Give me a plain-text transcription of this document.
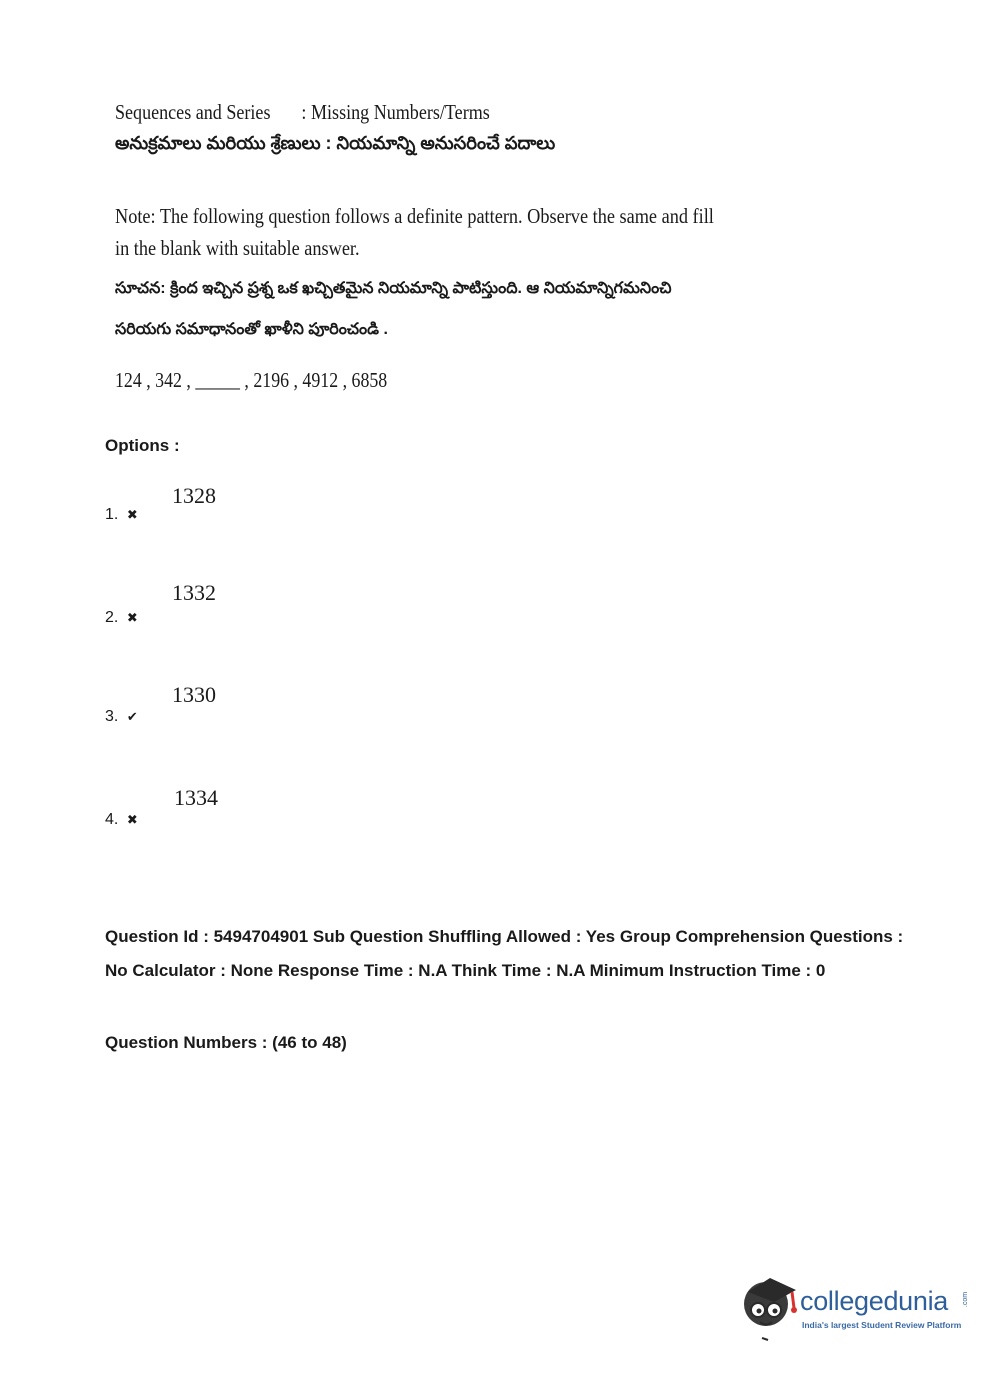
Sequences and Series : Missing Numbers/Terms
అనుక్రమాలు మరియు శ్రేణులు : నియమాన్ని అనుసరించే పదాలు
Note: The following question follows a definite pattern. Observe the same and fill in the blank with suitable answer.
సూచన: క్రింద ఇచ్చిన ప్రశ్న ఒక ఖచ్చితమైన నియమాన్ని పాటిస్తుంది. ఆ నియమాన్నిగమనించి
సరియగు సమాధానంతో ఖాళీని పూరించండి .
124 , 342 , _____ , 2196 , 4912 , 6858
Options :
1328
1. ✖
1332
2. ✖
1330
3. ✔
1334
4. ✖
Question Id : 5494704901 Sub Question Shuffling Allowed : Yes Group Comprehension Questions : No Calculator : None Response Time : N.A Think Time : N.A Minimum Instruction Time : 0
Question Numbers : (46 to 48)
collegedunia .com
India's largest Student Review Platform
